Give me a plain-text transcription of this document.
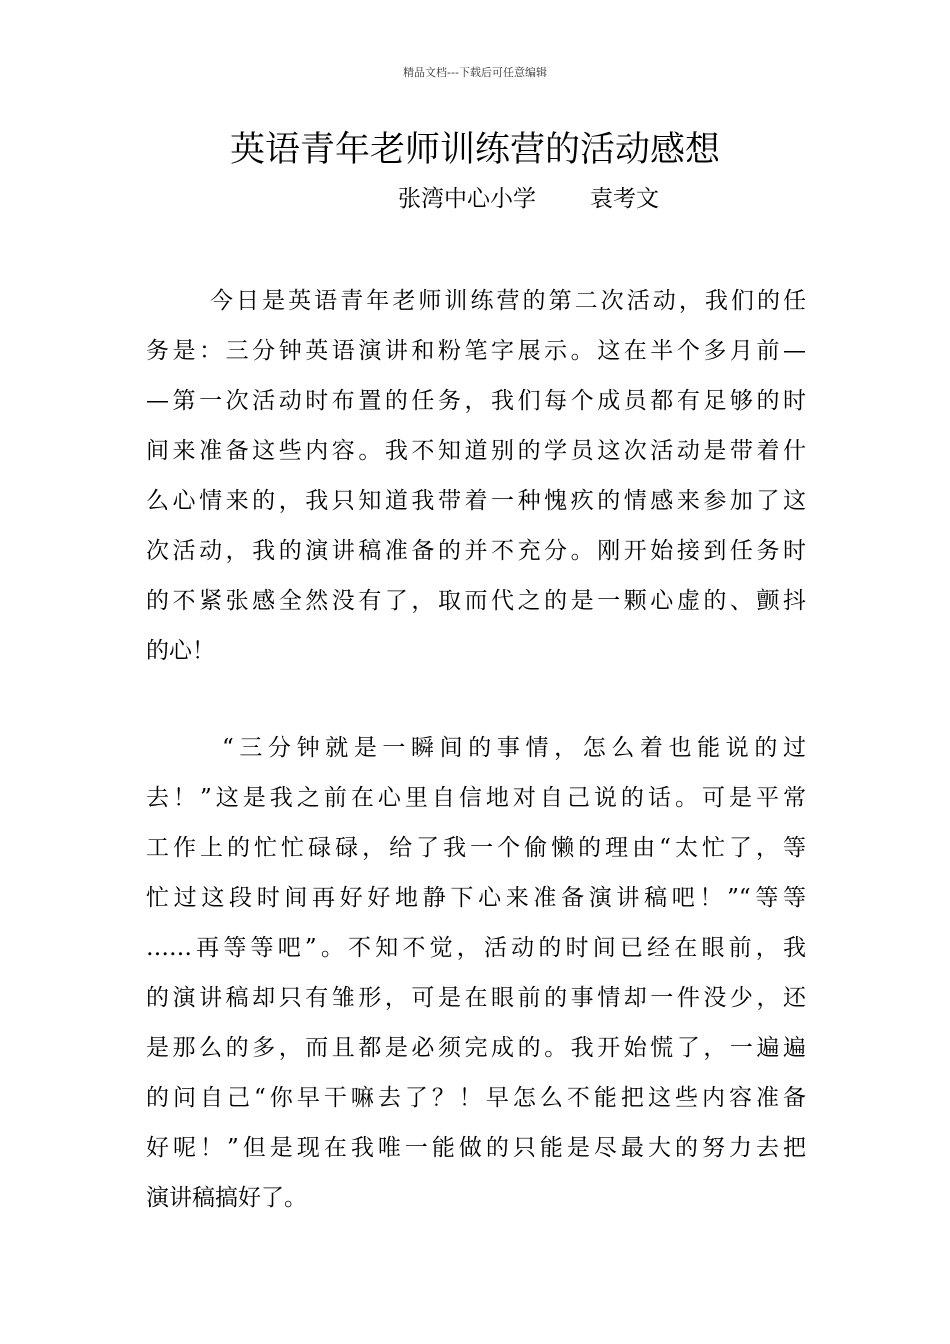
精品文档---下载后可任意编辑
英语青年老师训练营的活动感想
张湾中心小学 袁考文
今日是英语青年老师训练营的第二次活动，我们的任
务是：三分钟英语演讲和粉笔字展示。这在半个多月前—
—第一次活动时布置的任务，我们每个成员都有足够的时
间来准备这些内容。我不知道别的学员这次活动是带着什
么心情来的，我只知道我带着一种愧疚的情感来参加了这
次活动，我的演讲稿准备的并不充分。刚开始接到任务时
的不紧张感全然没有了，取而代之的是一颗心虚的、颤抖
的心！
“三分钟就是一瞬间的事情，怎么着也能说的过
去！”这是我之前在心里自信地对自己说的话。可是平常
工作上的忙忙碌碌，给了我一个偷懒的理由“太忙了，等
忙过这段时间再好好地静下心来准备演讲稿吧！”“等等
……再等等吧”。不知不觉，活动的时间已经在眼前，我
的演讲稿却只有雏形，可是在眼前的事情却一件没少，还
是那么的多，而且都是必须完成的。我开始慌了，一遍遍
的问自己“你早干嘛去了？！早怎么不能把这些内容准备
好呢！”但是现在我唯一能做的只能是尽最大的努力去把
演讲稿搞好了。
